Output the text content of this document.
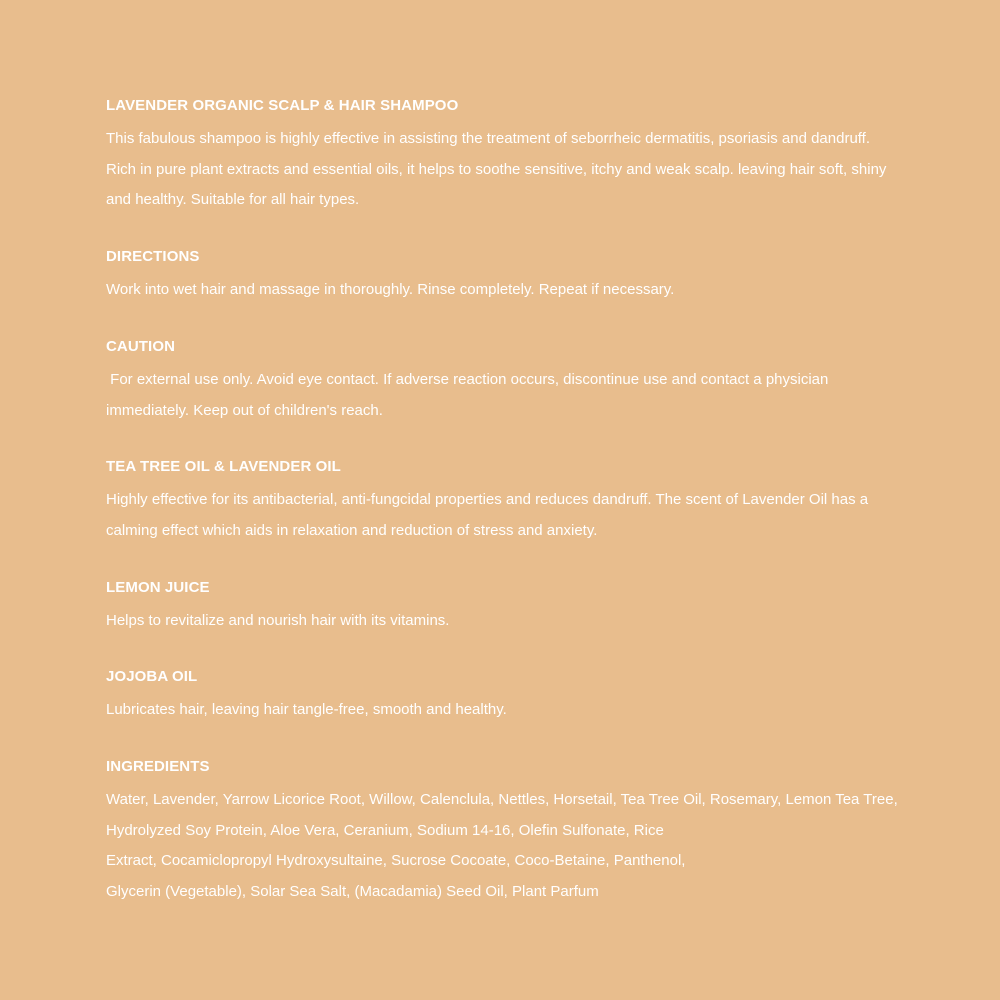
LAVENDER ORGANIC SCALP & HAIR SHAMPOO

This fabulous shampoo is highly effective in assisting the treatment of seborrheic dermatitis, psoriasis and dandruff.

Rich in pure plant extracts and essential oils, it helps to soothe sensitive, itchy and weak scalp. leaving hair soft, shiny

and healthy. Suitable for all hair types.

DIRECTIONS

Work into wet hair and massage in thoroughly. Rinse completely. Repeat if necessary.

CAUTION

For external use only. Avoid eye contact. If adverse reaction occurs, discontinue use and contact a physician

immediately. Keep out of children's reach.

TEA TREE OIL & LAVENDER OIL

Highly effective for its antibacterial, anti-fungcidal properties and reduces dandruff. The scent of Lavender Oil has a

calming effect which aids in relaxation and reduction of stress and anxiety.

LEMON JUICE

Helps to revitalize and nourish hair with its vitamins.

JOJOBA OIL

Lubricates hair, leaving hair tangle-free, smooth and healthy.

INGREDIENTS

Water, Lavender, Yarrow Licorice Root, Willow, Calenclula, Nettles, Horsetail, Tea Tree Oil, Rosemary, Lemon Tea Tree,

Hydrolyzed Soy Protein, Aloe Vera, Ceranium, Sodium 14-16, Olefin Sulfonate, Rice

Extract, Cocamiclopropyl Hydroxysultaine, Sucrose Cocoate, Coco-Betaine, Panthenol,

Glycerin (Vegetable), Solar Sea Salt, (Macadamia) Seed Oil, Plant Parfum
